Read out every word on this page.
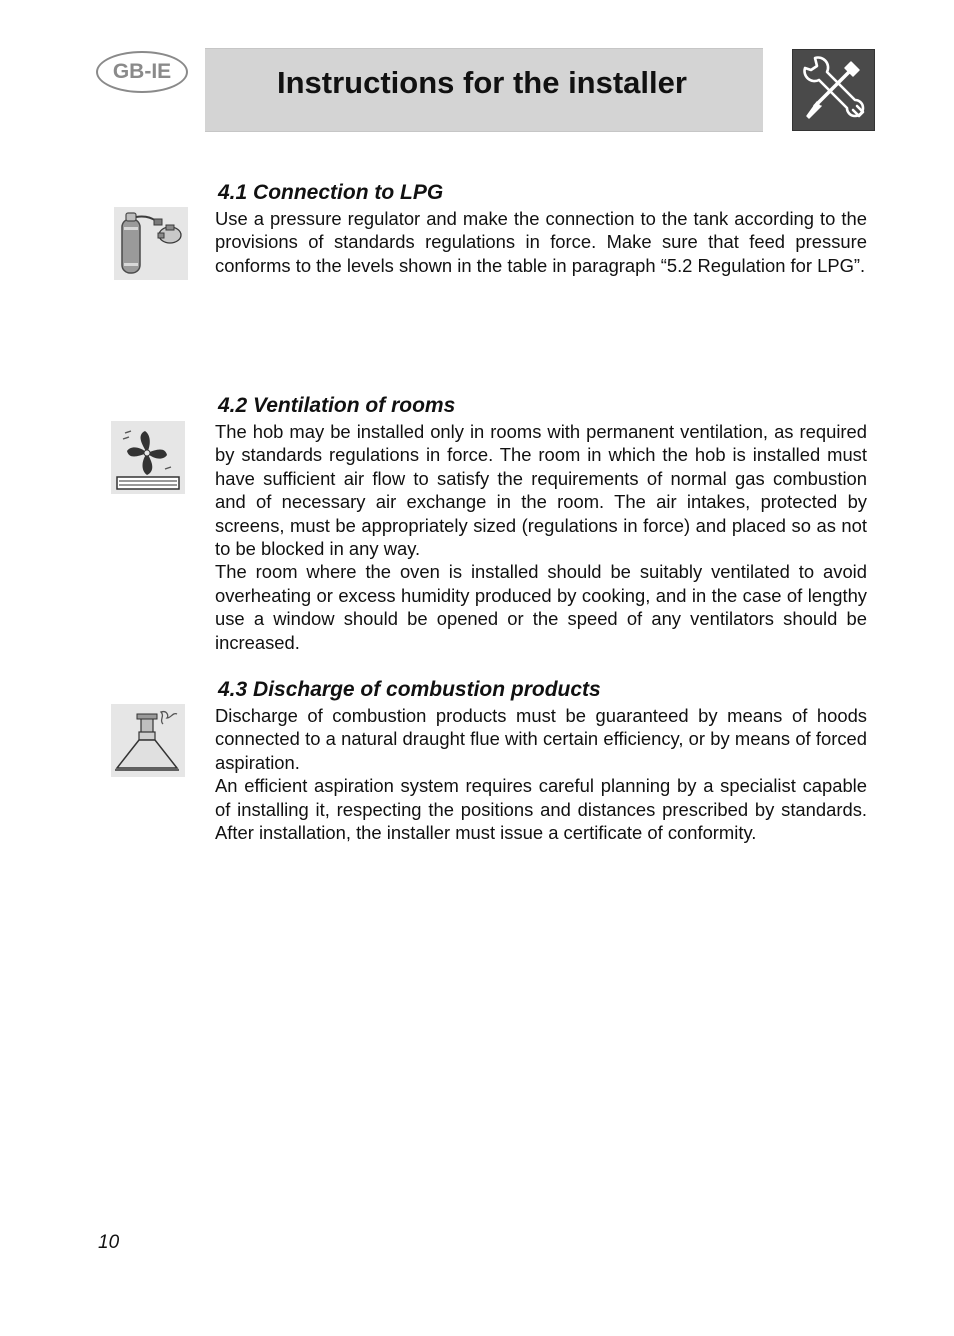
GB-IE	Instructions for the installer
4.1 Connection to LPG

Use a pressure regulator and make the connection to the tank according to the provisions of standards regulations in force. Make sure that feed pressure conforms to the levels shown in the table in paragraph “5.2 Regulation for LPG”.

4.2 Ventilation of rooms

The hob may be installed only in rooms with permanent ventilation, as required by standards regulations in force. The room in which the hob is installed must have sufficient air flow to satisfy the requirements of normal gas combustion and of necessary air exchange in the room. The air intakes, protected by screens, must be appropriately sized (regulations in force) and placed so as not to be blocked in any way.

The room where the oven is installed should be suitably ventilated to avoid overheating or excess humidity produced by cooking, and in the case of lengthy use a window should be opened or the speed of any ventilators should be increased.

4.3 Discharge of combustion products

Discharge of combustion products must be guaranteed by means of hoods connected to a natural draught flue with certain efficiency, or by means of forced aspiration.

An efficient aspiration system requires careful planning by a specialist capable of installing it, respecting the positions and distances prescribed by standards. After installation, the installer must issue a certificate of conformity.

10
